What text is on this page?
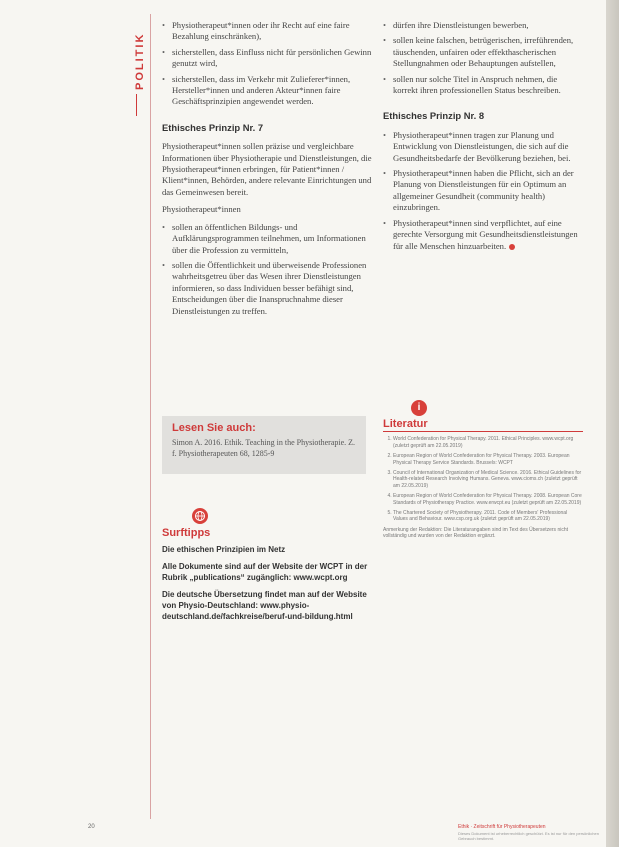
POLITIK
• Physiotherapeut*innen oder ihr Recht auf eine faire Bezahlung einschränken),
• sicherstellen, dass Einfluss nicht für persönlichen Gewinn genutzt wird,
• sicherstellen, dass im Verkehr mit Zulieferer*innen, Hersteller*innen und anderen Akteur*innen faire Geschäftsprinzipien angewendet werden.
Ethisches Prinzip Nr. 7

Physiotherapeut*innen sollen präzise und vergleichbare Informationen über Physiotherapie und Dienstleistungen, die Physiotherapeut*innen erbringen, für Patient*innen / Klient*innen, Behörden, andere relevante Einrichtungen und das Gemeinwesen bereit.

Physiotherapeut*innen

• sollen an öffentlichen Bildungs- und Aufklärungsprogrammen teilnehmen, um Informationen über die Profession zu vermitteln,
• sollen die Öffentlichkeit und überweisende Professionen wahrheitsgetreu über das Wesen ihrer Dienstleistungen informieren, so dass Individuen besser befähigt sind, Entscheidungen über die Inanspruchnahme dieser Dienstleistungen zu treffen.
• dürfen ihre Dienstleistungen bewerben,
• sollen keine falschen, betrügerischen, irreführenden, täuschenden, unfairen oder effekthascherischen Stellungnahmen oder Behauptungen aufstellen,
• sollen nur solche Titel in Anspruch nehmen, die korrekt ihren professionellen Status beschreiben.
Ethisches Prinzip Nr. 8
• Physiotherapeut*innen tragen zur Planung und Entwicklung von Dienstleistungen, die sich auf die Gesundheitsbedarfe der Bevölkerung beziehen, bei.
• Physiotherapeut*innen haben die Pflicht, sich an der Planung von Dienstleistungen für ein Optimum an allgemeiner Gesundheit (community health) einzubringen.
• Physiotherapeut*innen sind verpflichtet, auf eine gerechte Versorgung mit Gesundheitsdienstleistungen für alle Menschen hinzuarbeiten.
Lesen Sie auch:
Simon A. 2016. Ethik. Teaching in the Physiotherapie. Z. f. Physiotherapeuten 68, 1285-9
Surftipps

Die ethischen Prinzipien im Netz

Alle Dokumente sind auf der Website der WCPT in der Rubrik „publications“ zugänglich: www.wcpt.org

Die deutsche Übersetzung findet man auf der Website von Physio-Deutschland: www.physio-deutschland.de/fachkreise/beruf-und-bildung.html

i
Literatur
1. World Confederation for Physical Therapy. 2011. Ethical Principles. www.wcpt.org (zuletzt geprüft am 22.05.2019)
2. European Region of World Confederation for Physical Therapy. 2003. European Physical Therapy Service Standards. Brussels: WCPT
3. Council of International Organization of Medical Science. 2016. Ethical Guidelines for Health-related Research Involving Humans. Geneva. www.cioms.ch (zuletzt geprüft am 22.05.2019)
4. European Region of World Confederation for Physical Therapy. 2008. European Core Standards of Physiotherapy Practice. www.erwcpt.eu (zuletzt geprüft am 22.05.2019)
5. The Chartered Society of Physiotherapy. 2011. Code of Members' Professional Values and Behaviour. www.csp.org.uk (zuletzt geprüft am 22.05.2019)
Anmerkung der Redaktion: Die Literaturangaben sind im Text des Übersetzers nicht vollständig und wurden von der Redaktion ergänzt.
20	Ethik · Zeitschrift für Physiotherapeuten
Dieses Dokument ist urheberrechtlich geschützt. Es ist nur für den persönlichen Gebrauch bestimmt.
